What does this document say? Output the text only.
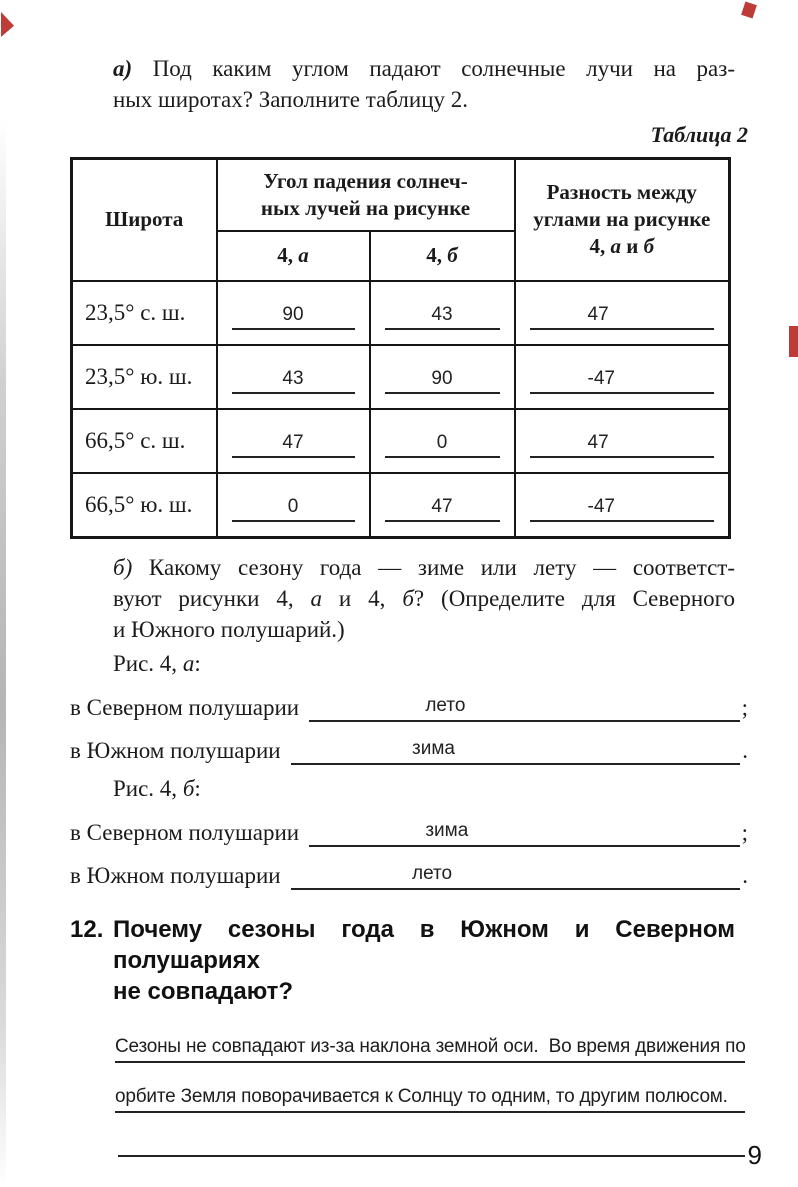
а) Под каким углом падают солнечные лучи на раз-
ных широтах? Заполните таблицу 2.
Таблица 2
Широта	Угол падения солнеч-
ных лучей на рисунке		Разность между углами на рисунке 4, а и б
	4, а	4, б	
23,5° с. ш.	90	43	47

23,5° ю. ш.	43	90	-47

66,5° с. ш.	47	0	47

66,5° ю. ш.	0	47	-47
б) Какому сезону года — зиме или лету — соответст-
вуют рисунки 4, а и 4, б? (Определите для Северного
и Южного полушарий.)
Рис. 4, а:
в Северном полушарии	лето	;
в Южном полушарии	зима	.
Рис. 4, б:
в Северном полушарии	зима	;
в Южном полушарии	лето	.
12. Почему сезоны года в Южном и Северном полушариях
не совпадают?
Сезоны не совпадают из-за наклона земной оси.  Во время движения по
орбите Земля поворачивается к Солнцу то одним, то другим полюсом.
9
